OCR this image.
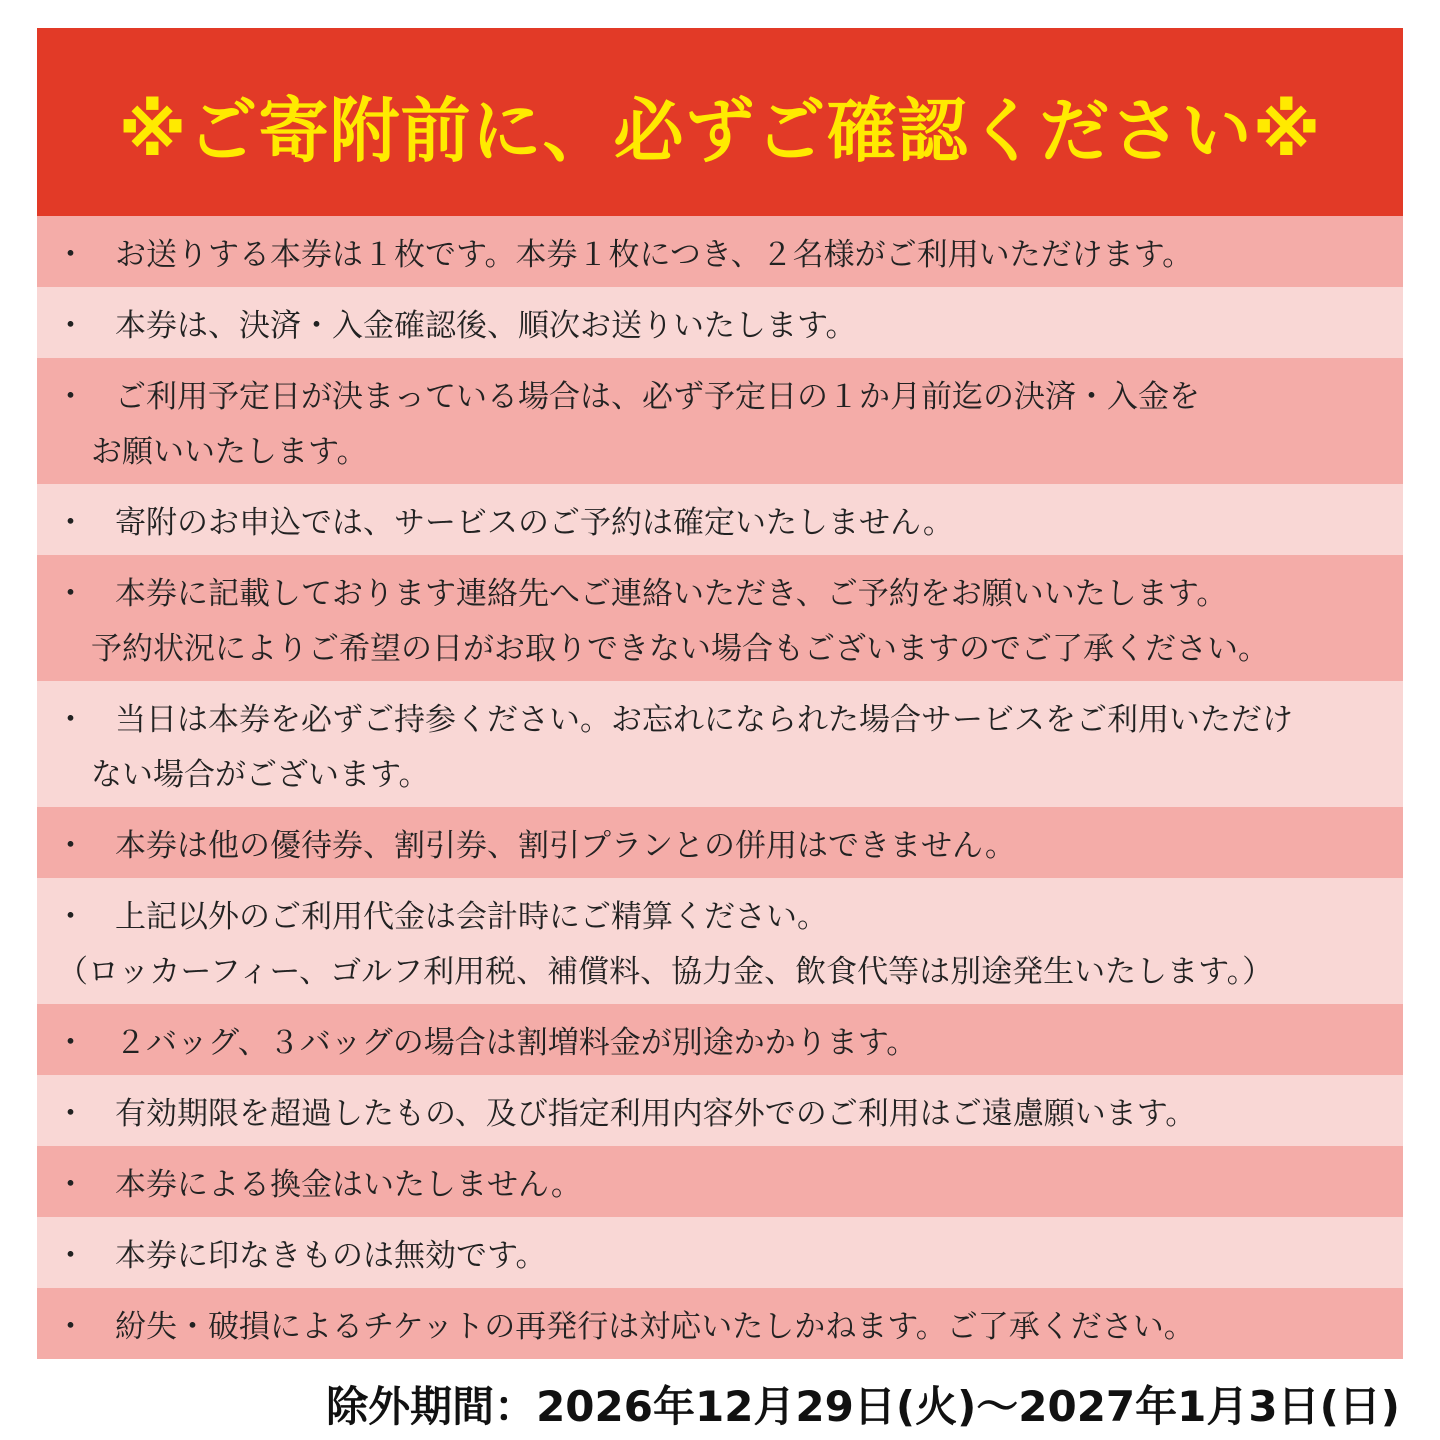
※ご寄附前に、必ずご確認ください※
・ お送りする本券は１枚です。本券１枚につき、２名様がご利用いただけます。
・ 本券は、決済・入金確認後、順次お送りいたします。
・ ご利用予定日が決まっている場合は、必ず予定日の１か月前迄の決済・入金を
お願いいたします。
・ 寄附のお申込では、サービスのご予約は確定いたしません。
・ 本券に記載しております連絡先へご連絡いただき、ご予約をお願いいたします。
予約状況によりご希望の日がお取りできない場合もございますのでご了承ください。
・ 当日は本券を必ずご持参ください。お忘れになられた場合サービスをご利用いただけ
ない場合がございます。
・ 本券は他の優待券、割引券、割引プランとの併用はできません。
・ 上記以外のご利用代金は会計時にご精算ください。
（ロッカーフィー、ゴルフ利用税、補償料、協力金、飲食代等は別途発生いたします。）
・ ２バッグ、３バッグの場合は割増料金が別途かかります。
・ 有効期限を超過したもの、及び指定利用内容外でのご利用はご遠慮願います。
・ 本券による換金はいたしません。
・ 本券に印なきものは無効です。
・ 紛失・破損によるチケットの再発行は対応いたしかねます。ご了承ください。
除外期間：2026年12月29日(火)～2027年1月3日(日)
